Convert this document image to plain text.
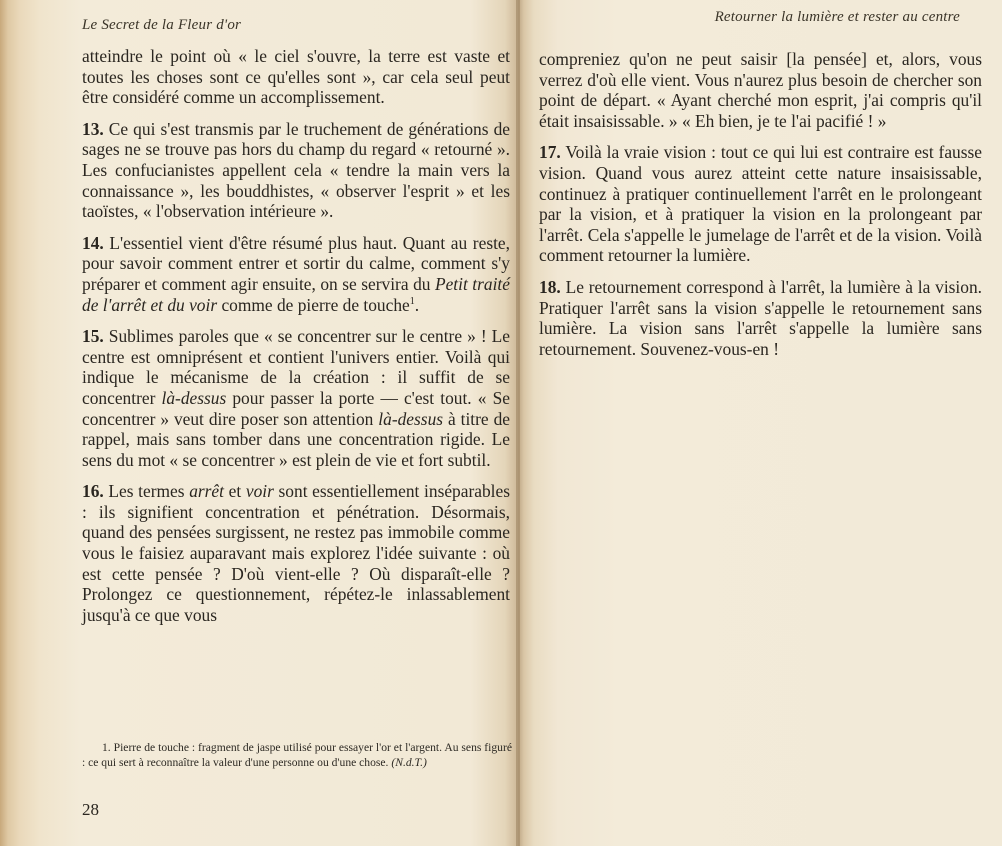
Le Secret de la Fleur d'or

atteindre le point où « le ciel s'ouvre, la terre est vaste et toutes les choses sont ce qu'elles sont », car cela seul peut être considéré comme un accomplissement.

13. Ce qui s'est transmis par le truchement de générations de sages ne se trouve pas hors du champ du regard « retourné ». Les confucianistes appellent cela « tendre la main vers la connaissance », les bouddhistes, « observer l'esprit » et les taoïstes, « l'observation intérieure ».

14. L'essentiel vient d'être résumé plus haut. Quant au reste, pour savoir comment entrer et sortir du calme, comment s'y préparer et comment agir ensuite, on se servira du Petit traité de l'arrêt et du voir comme de pierre de touche$^1$.

15. Sublimes paroles que « se concentrer sur le centre » ! Le centre est omniprésent et contient l'univers entier. Voilà qui indique le mécanisme de la création : il suffit de se concentrer là-dessus pour passer la porte — c'est tout. « Se concentrer » veut dire poser son attention là-dessus à titre de rappel, mais sans tomber dans une concentration rigide. Le sens du mot « se concentrer » est plein de vie et fort subtil.

16. Les termes arrêt et voir sont essentiellement inséparables : ils signifient concentration et pénétration. Désormais, quand des pensées surgissent, ne restez pas immobile comme vous le faisiez auparavant mais explorez l'idée suivante : où est cette pensée ? D'où vient-elle ? Où disparaît-elle ? Prolongez ce questionnement, répétez-le inlassablement jusqu'à ce que vous

1. Pierre de touche : fragment de jaspe utilisé pour essayer l'or et l'argent. Au sens figuré : ce qui sert à reconnaître la valeur d'une personne ou d'une chose. (N.d.T.)
28
Retourner la lumière et rester au centre

compreniez qu'on ne peut saisir [la pensée] et, alors, vous verrez d'où elle vient. Vous n'aurez plus besoin de chercher son point de départ. « Ayant cherché mon esprit, j'ai compris qu'il était insaisissable. » « Eh bien, je te l'ai pacifié ! »

17. Voilà la vraie vision : tout ce qui lui est contraire est fausse vision. Quand vous aurez atteint cette nature insaisissable, continuez à pratiquer continuellement l'arrêt en le prolongeant par la vision, et à pratiquer la vision en la prolongeant par l'arrêt. Cela s'appelle le jumelage de l'arrêt et de la vision. Voilà comment retourner la lumière.

18. Le retournement correspond à l'arrêt, la lumière à la vision. Pratiquer l'arrêt sans la vision s'appelle le retournement sans lumière. La vision sans l'arrêt s'appelle la lumière sans retournement. Souvenez-vous-en !
